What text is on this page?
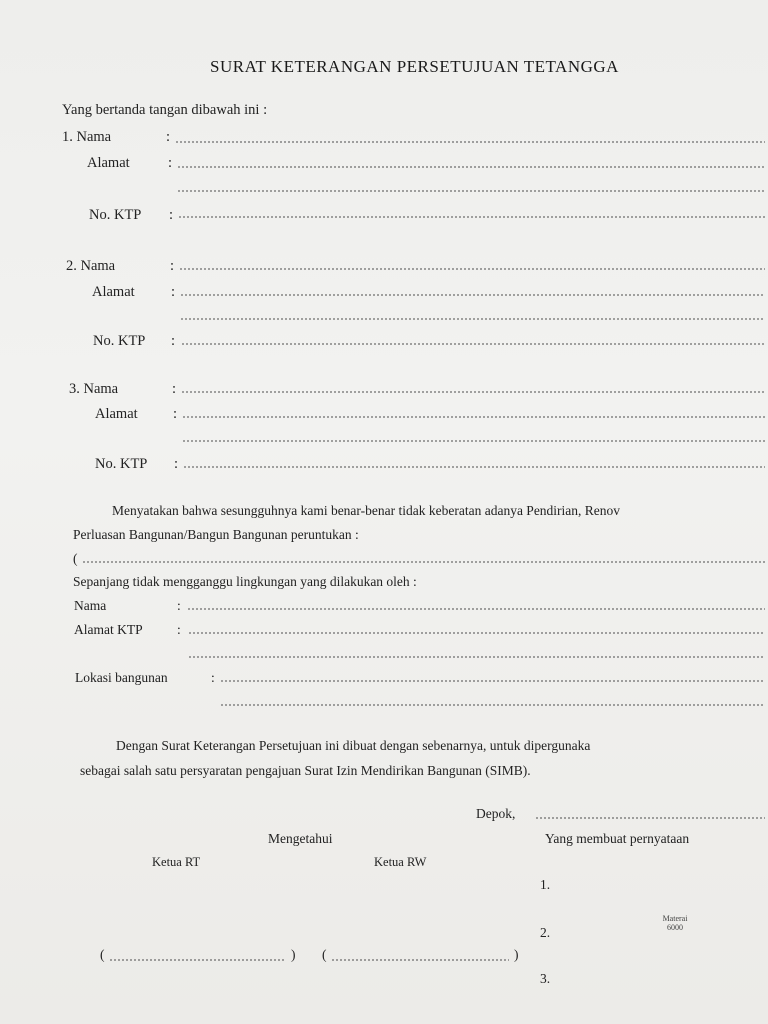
SURAT KETERANGAN PERSETUJUAN TETANGGA
Yang bertanda tangan dibawah ini :
1. Nama	:
Alamat	:
No. KTP :
2. Nama	:
Alamat	:
No. KTP :
3. Nama	:
Alamat :
No. KTP :
Menyatakan bahwa sesungguhnya kami benar-benar tidak keberatan adanya Pendirian, Renov
Perluasan Bangunan/Bangun Bangunan peruntukan :
(
Sepanjang tidak mengganggu lingkungan yang dilakukan oleh :
Nama	:
Alamat KTP	:
Lokasi bangunan	:
Dengan Surat Keterangan Persetujuan ini dibuat dengan sebenarnya, untuk dipergunaka
sebagai salah satu persyaratan pengajuan Surat Izin Mendirikan Bangunan (SIMB).
Depok,
Mengetahui	Yang membuat pernyataan
Ketua RT	Ketua RW
1.
2.
3.
Materai
6000
(	) (	)
